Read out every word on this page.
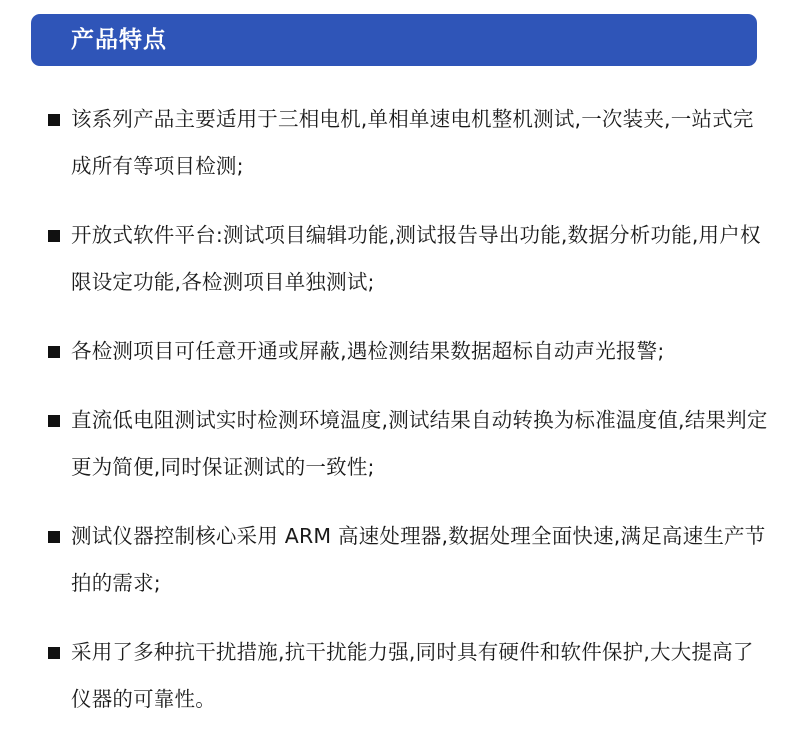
产品特点
该系列产品主要适用于三相电机,单相单速电机整机测试,一次装夹,一站式完成所有等项目检测;
开放式软件平台:测试项目编辑功能,测试报告导出功能,数据分析功能,用户权限设定功能,各检测项目单独测试;
各检测项目可任意开通或屏蔽,遇检测结果数据超标自动声光报警;
直流低电阻测试实时检测环境温度,测试结果自动转换为标准温度值,结果判定更为简便,同时保证测试的一致性;
测试仪器控制核心采用 ARM 高速处理器,数据处理全面快速,满足高速生产节拍的需求;
采用了多种抗干扰措施,抗干扰能力强,同时具有硬件和软件保护,大大提高了仪器的可靠性。
